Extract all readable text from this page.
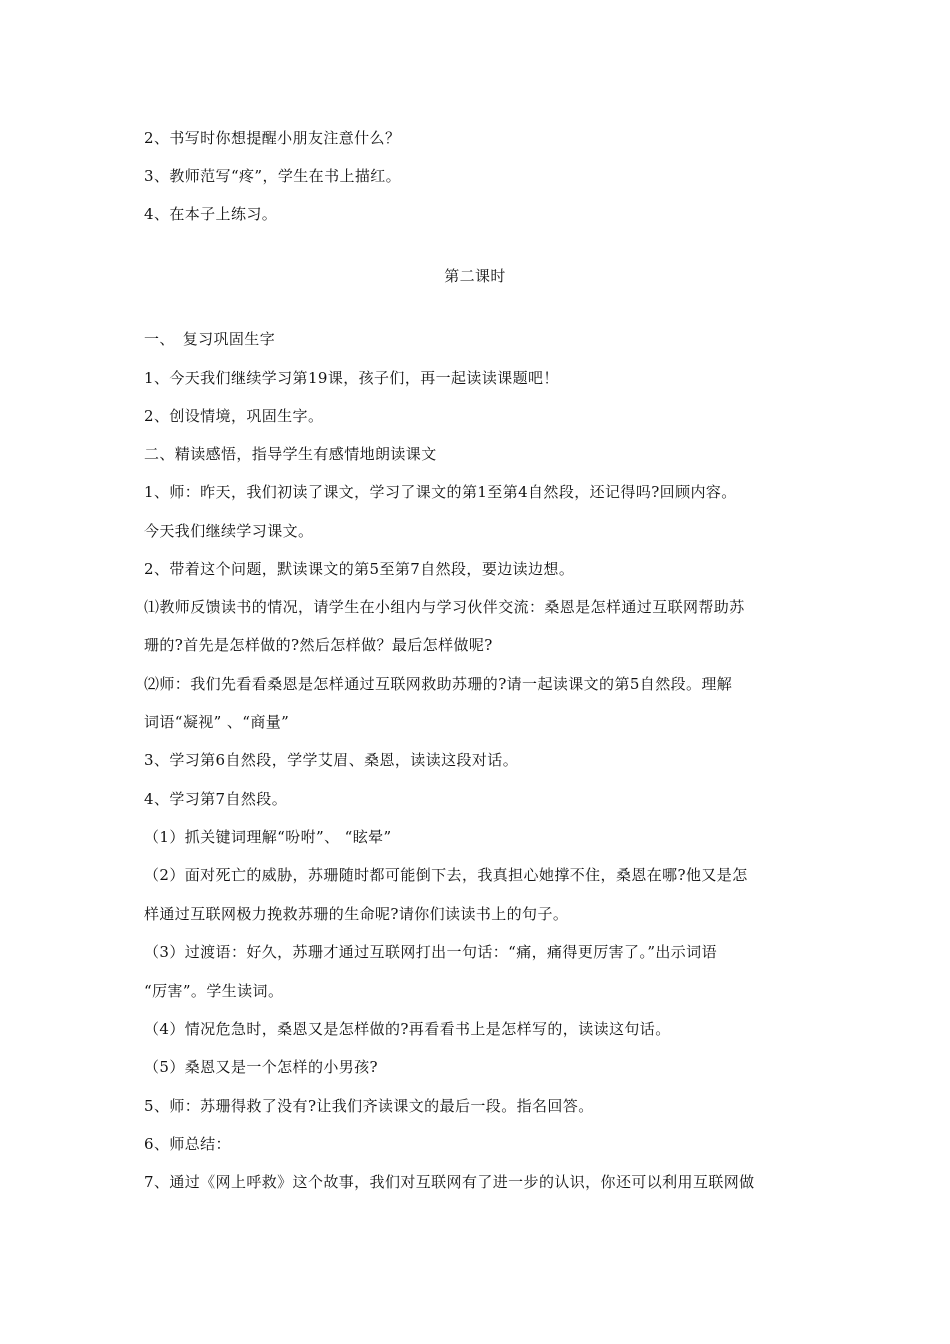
2、书写时你想提醒小朋友注意什么？
3、教师范写“疼”，学生在书上描红。
4、在本子上练习。
第二课时
一、　复习巩固生字
1、今天我们继续学习第19课，孩子们，再一起读读课题吧！
2、创设情境，巩固生字。
二、精读感悟，指导学生有感情地朗读课文
1、师：昨天，我们初读了课文，学习了课文的第1至第4自然段，还记得吗?回顾内容。
今天我们继续学习课文。
2、带着这个问题，默读课文的第5至第7自然段，要边读边想。
⑴教师反馈读书的情况，请学生在小组内与学习伙伴交流：桑恩是怎样通过互联网帮助苏
珊的?首先是怎样做的?然后怎样做？最后怎样做呢?
⑵师：我们先看看桑恩是怎样通过互联网救助苏珊的?请一起读课文的第5自然段。理解
词语“凝视” 、“商量”
3、学习第6自然段，学学艾眉、桑恩，读读这段对话。
4、学习第7自然段。
（1）抓关键词理解“吩咐”、 “眩晕”
（2）面对死亡的威胁，苏珊随时都可能倒下去，我真担心她撑不住，桑恩在哪?他又是怎
样通过互联网极力挽救苏珊的生命呢?请你们读读书上的句子。
（3）过渡语：好久，苏珊才通过互联网打出一句话：“痛，痛得更厉害了。”出示词语
“厉害”。学生读词。
（4）情况危急时，桑恩又是怎样做的?再看看书上是怎样写的，读读这句话。
（5）桑恩又是一个怎样的小男孩?
5、师：苏珊得救了没有?让我们齐读课文的最后一段。指名回答。
6、师总结：
7、通过《网上呼救》这个故事，我们对互联网有了进一步的认识，你还可以利用互联网做
